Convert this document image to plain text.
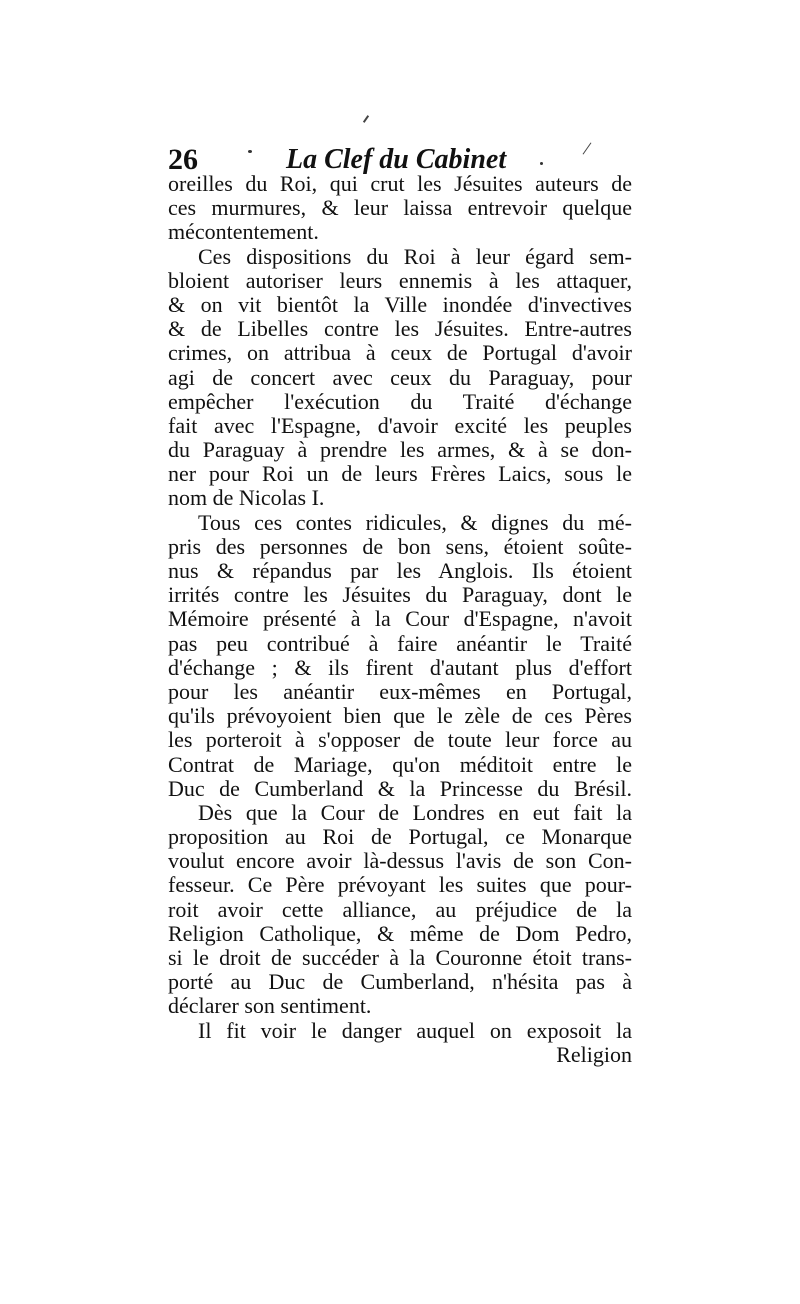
26	La Clef du Cabinet
oreilles du Roi, qui crut les Jésuites auteurs de
ces murmures, & leur laissa entrevoir quelque
mécontentement.
Ces dispositions du Roi à leur égard sem-
bloient autoriser leurs ennemis à les attaquer,
& on vit bientôt la Ville inondée d'invectives
& de Libelles contre les Jésuites. Entre-autres
crimes, on attribua à ceux de Portugal d'avoir
agi de concert avec ceux du Paraguay, pour
empêcher l'exécution du Traité d'échange
fait avec l'Espagne, d'avoir excité les peuples
du Paraguay à prendre les armes, & à se don-
ner pour Roi un de leurs Frères Laics, sous le
nom de Nicolas I.
Tous ces contes ridicules, & dignes du mé-
pris des personnes de bon sens, étoient soûte-
nus & répandus par les Anglois. Ils étoient
irrités contre les Jésuites du Paraguay, dont le
Mémoire présenté à la Cour d'Espagne, n'avoit
pas peu contribué à faire anéantir le Traité
d'échange ; & ils firent d'autant plus d'effort
pour les anéantir eux-mêmes en Portugal,
qu'ils prévoyoient bien que le zèle de ces Pères
les porteroit à s'opposer de toute leur force au
Contrat de Mariage, qu'on méditoit entre le
Duc de Cumberland & la Princesse du Brésil.
Dès que la Cour de Londres en eut fait la
proposition au Roi de Portugal, ce Monarque
voulut encore avoir là-dessus l'avis de son Con-
fesseur. Ce Père prévoyant les suites que pour-
roit avoir cette alliance, au préjudice de la
Religion Catholique, & même de Dom Pedro,
si le droit de succéder à la Couronne étoit trans-
porté au Duc de Cumberland, n'hésita pas à
déclarer son sentiment.
Il fit voir le danger auquel on exposoit la
Religion
